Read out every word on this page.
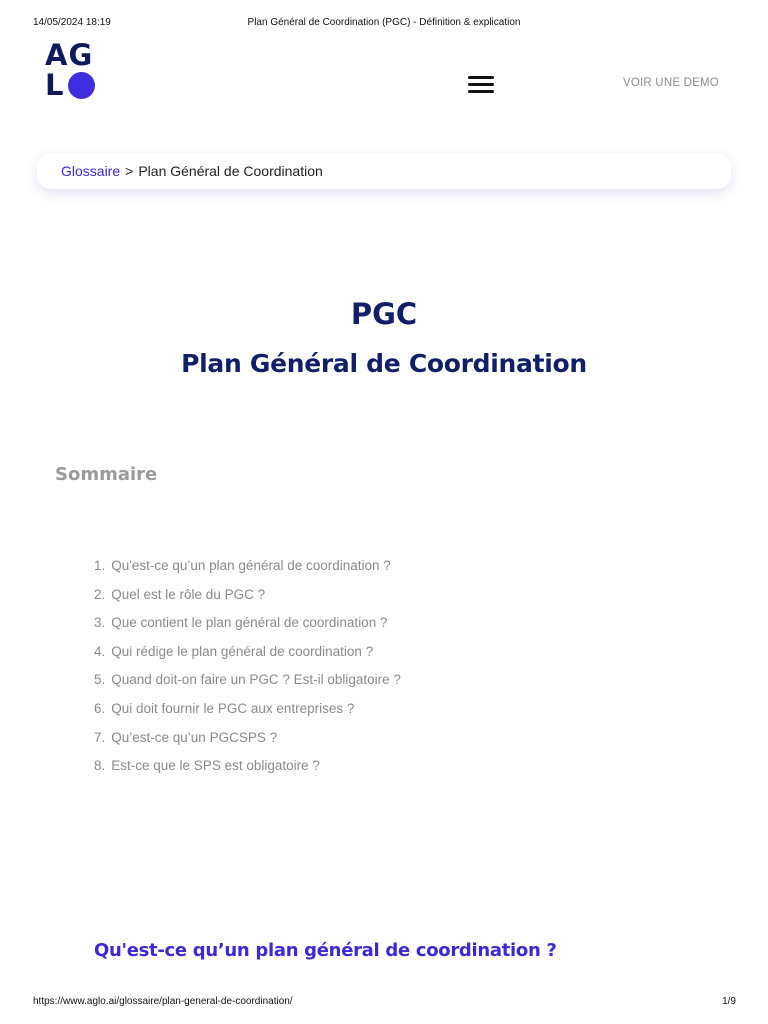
14/05/2024 18:19	Plan Général de Coordination (PGC) - Définition & explication
AG
L	VOIR UNE DEMO
Glossaire > Plan Général de Coordination
PGC
Plan Général de Coordination
Sommaire
1. Qu'est-ce qu’un plan général de coordination ?
2. Quel est le rôle du PGC ?
3. Que contient le plan général de coordination ?
4. Qui rédige le plan général de coordination ?
5. Quand doit-on faire un PGC ? Est-il obligatoire ?
6. Qui doit fournir le PGC aux entreprises ?
7. Qu’est-ce qu’un PGCSPS ?
8. Est-ce que le SPS est obligatoire ?
Qu'est-ce qu’un plan général de coordination ?
https://www.aglo.ai/glossaire/plan-general-de-coordination/	1/9
